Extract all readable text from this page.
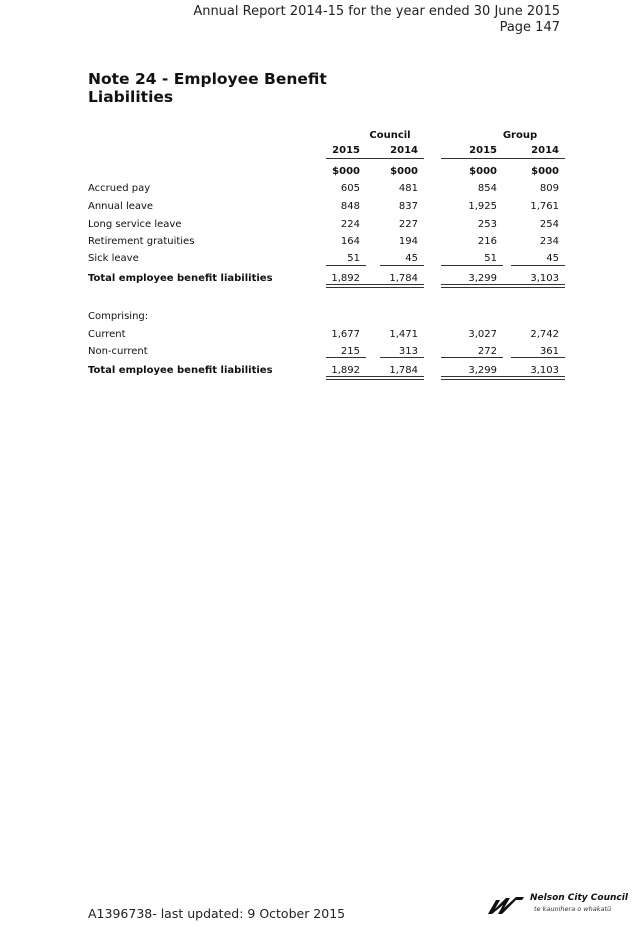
Annual Report 2014-15 for the year ended 30 June 2015
Page 147
Note 24 - Employee Benefit Liabilities
Council	Group
2015	2014	2015	2014
$000	$000	$000	$000
Accrued pay	605	481	854	809
Annual leave	848	837	1,925	1,761
Long service leave	224	227	253	254
Retirement gratuities	164	194	216	234
Sick leave	51	45	51	45
Total employee benefit liabilities	1,892	1,784	3,299	3,103
Comprising:
Current	1,677	1,471	3,027	2,742
Non-current	215	313	272	361
Total employee benefit liabilities	1,892	1,784	3,299	3,103
A1396738- last updated: 9 October 2015
Nelson City Council
te kaunihera o whakatū
